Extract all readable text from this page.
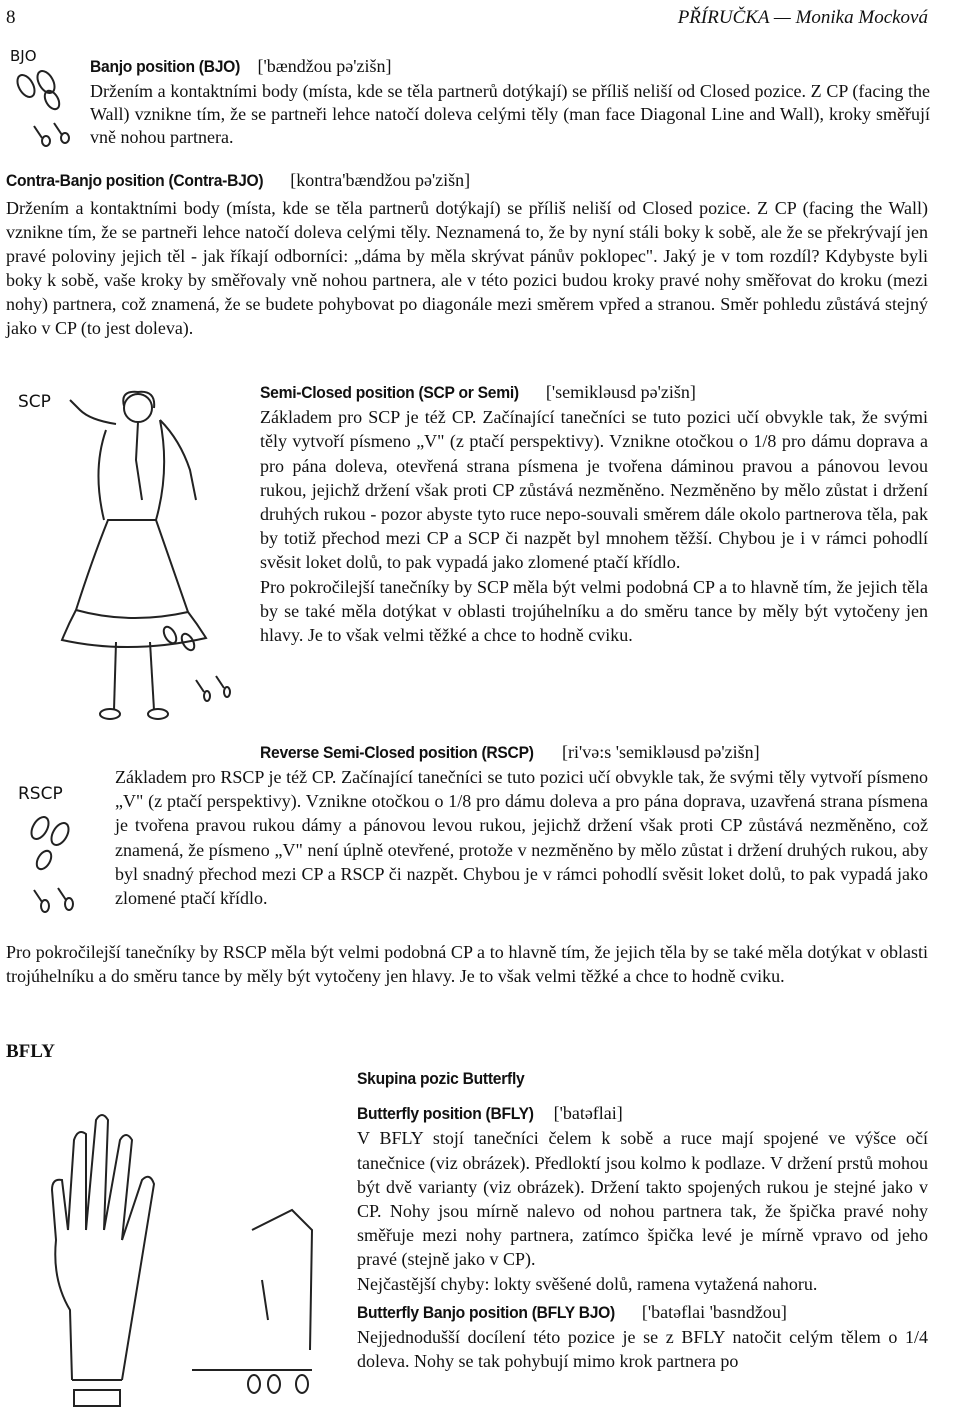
8	PŘÍRUČKA — Monika Mocková
BJO

Banjo position (BJO) ['bændžou pə'zišn]

Držením a kontaktními body (místa, kde se těla partnerů dotýkají) se příliš neliší od Closed pozice. Z CP (facing the Wall) vznikne tím, že se partneři lehce natočí doleva celými těly (man face Diagonal Line and Wall), kroky směřují vně nohou partnera.

Contra-Banjo position (Contra-BJO) [kontra'bændžou pə'zišn]

Držením a kontaktními body (místa, kde se těla partnerů dotýkají) se příliš neliší od Closed pozice. Z CP (facing the Wall) vznikne tím, že se partneři lehce natočí doleva celými těly. Neznamená to, že by nyní stáli boky k sobě, ale že se překrývají jen pravé poloviny jejich těl - jak říkají odborníci: „dáma by měla skrývat pánův poklopec". Jaký je v tom rozdíl? Kdybyste byli boky k sobě, vaše kroky by směřovaly vně nohou partnera, ale v této pozici budou kroky pravé nohy směřovat do kroku (mezi nohy) partnera, což znamená, že se budete pohybovat po diagonále mezi směrem vpřed a stranou. Směr pohledu zůstává stejný jako v CP (to jest doleva).

SCP	Semi-Closed position (SCP or Semi) ['semikləusd pə'zišn]

Základem pro SCP je též CP. Začínající tanečníci se tuto pozici učí obvykle tak, že svými těly vytvoří písmeno „V" (z ptačí perspektivy). Vznikne otočkou o 1/8 pro dámu doprava a pro pána doleva, otevřená strana písmena je tvořena dáminou pravou a pánovou levou rukou, jejichž držení však proti CP zůstává nezměněno. Nezměněno by mělo zůstat i držení druhých rukou - pozor abyste tyto ruce nepo-souvali směrem dále okolo partnerova těla, pak by totiž přechod mezi CP a SCP či nazpět byl mnohem těžší. Chybou je i v rámci pohodlí svěsit loket dolů, to pak vypadá jako zlomené ptačí křídlo.

Pro pokročilejší tanečníky by SCP měla být velmi podobná CP a to hlavně tím, že jejich těla by se také měla dotýkat v oblasti trojúhelníku a do směru tance by měly být vytočeny jen hlavy. Je to však velmi těžké a chce to hodně cviku.

RSCP

Reverse Semi-Closed position (RSCP) [ri'və:s 'semikləusd pə'zišn]

Základem pro RSCP je též CP. Začínající tanečníci se tuto pozici učí obvykle tak, že svými těly vytvoří písmeno „V" (z ptačí perspektivy). Vznikne otočkou o 1/8 pro dámu doleva a pro pána doprava, uzavřená strana písmena je tvořena pravou rukou dámy a pánovou levou rukou, jejichž držení však proti CP zůstává nezměněno, což znamená, že písmeno „V" není úplně otevřené, protože v nezměněno by mělo zůstat i držení druhých rukou, aby byl snadný přechod mezi CP a RSCP či nazpět. Chybou je v rámci pohodlí svěsit loket dolů, to pak vypadá jako zlomené ptačí křídlo.
Pro pokročilejší tanečníky by RSCP měla být velmi podobná CP a to hlavně tím, že jejich těla by se také měla dotýkat v oblasti trojúhelníku a do směru tance by měly být vytočeny jen hlavy. Je to však velmi těžké a chce to hodně cviku.
BFLY

Skupina pozic Butterfly

Butterfly position (BFLY) ['batəflai]

V BFLY stojí tanečníci čelem k sobě a ruce mají spojené ve výšce očí tanečnice (viz obrázek). Předloktí jsou kolmo k podlaze. V držení prstů mohou být dvě varianty (viz obrázek). Držení takto spojených rukou je stejné jako v CP. Nohy jsou mírně nalevo od nohou partnera tak, že špička pravé nohy směřuje mezi nohy partnera, zatímco špička levé je mírně vpravo od jeho pravé (stejně jako v CP).

Nejčastější chyby: lokty svěšené dolů, ramena vytažená nahoru.

Butterfly Banjo position (BFLY BJO) ['batəflai 'basndžou]

Nejjednodušší docílení této pozice je se z BFLY natočit celým tělem o 1/4 doleva. Nohy se tak pohybují mimo krok partnera po
